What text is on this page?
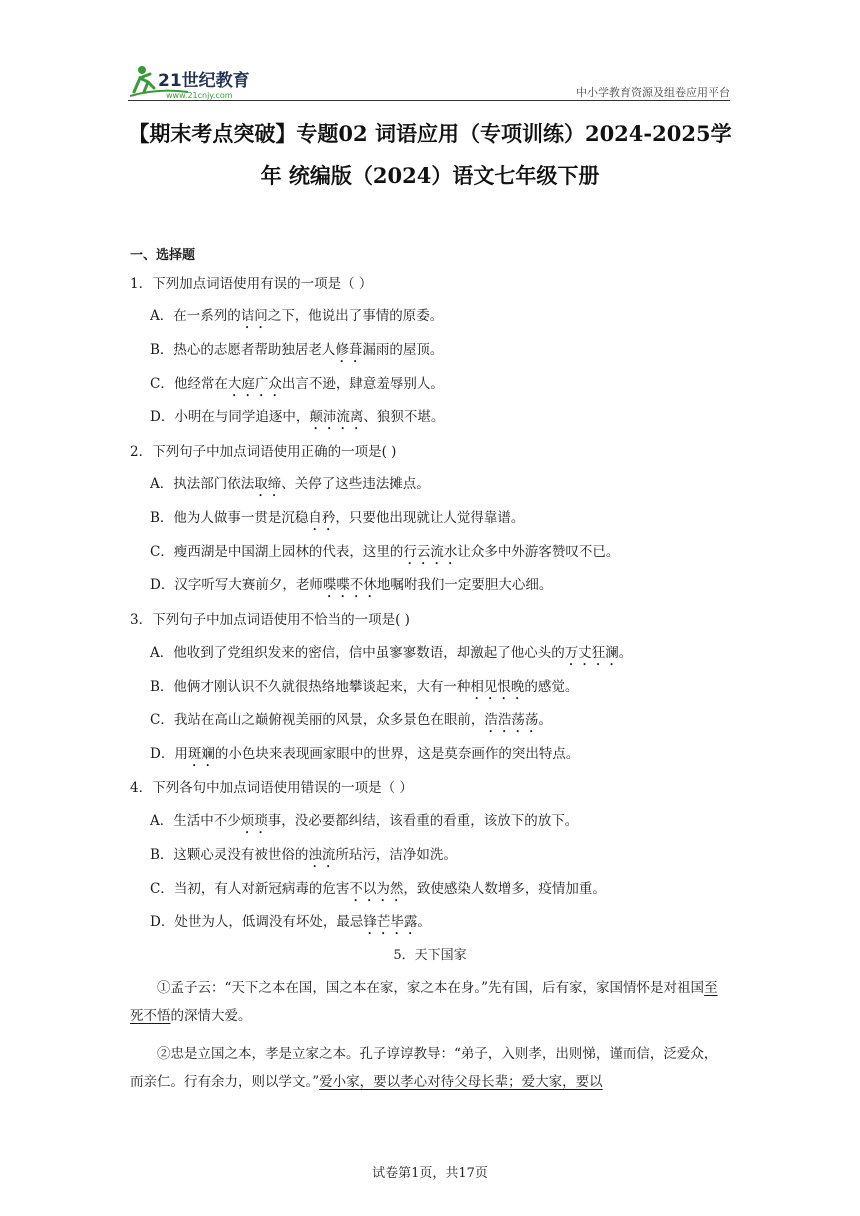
21世纪教育
www.21cnjy.com	中小学教育资源及组卷应用平台
【期末考点突破】专题02 词语应用（专项训练）2024-2025学
年 统编版（2024）语文七年级下册
一、选择题
1．下列加点词语使用有误的一项是（ ）
A．在一系列的诘问之下，他说出了事情的原委。
B．热心的志愿者帮助独居老人修葺漏雨的屋顶。
C．他经常在大庭广众出言不逊，肆意羞辱别人。
D．小明在与同学追逐中，颠沛流离、狼狈不堪。
2．下列句子中加点词语使用正确的一项是( )
A．执法部门依法取缔、关停了这些违法摊点。
B．他为人做事一贯是沉稳自矜，只要他出现就让人觉得靠谱。
C．瘦西湖是中国湖上园林的代表，这里的行云流水让众多中外游客赞叹不已。
D．汉字听写大赛前夕，老师喋喋不休地嘱咐我们一定要胆大心细。
3．下列句子中加点词语使用不恰当的一项是( )
A．他收到了党组织发来的密信，信中虽寥寥数语，却激起了他心头的万丈狂澜。
B．他俩才刚认识不久就很热络地攀谈起来，大有一种相见恨晚的感觉。
C．我站在高山之巅俯视美丽的风景，众多景色在眼前，浩浩荡荡。
D．用斑斓的小色块来表现画家眼中的世界，这是莫奈画作的突出特点。
4．下列各句中加点词语使用错误的一项是（ ）
A．生活中不少烦琐事，没必要都纠结，该看重的看重，该放下的放下。
B．这颗心灵没有被世俗的浊流所玷污，洁净如洗。
C．当初，有人对新冠病毒的危害不以为然，致使感染人数增多，疫情加重。
D．处世为人，低调没有坏处，最忌锋芒毕露。
5．天下国家
①孟子云：“天下之本在国，国之本在家，家之本在身。”先有国，后有家，家国情怀是对祖国至死不悟的深情大爱。
②忠是立国之本，孝是立家之本。孔子谆谆教导：“弟子，入则孝，出则悌，谨而信，泛爱众，而亲仁。行有余力，则以学文。”爱小家，要以孝心对待父母长辈；爱大家，要以
试卷第1页，共17页
